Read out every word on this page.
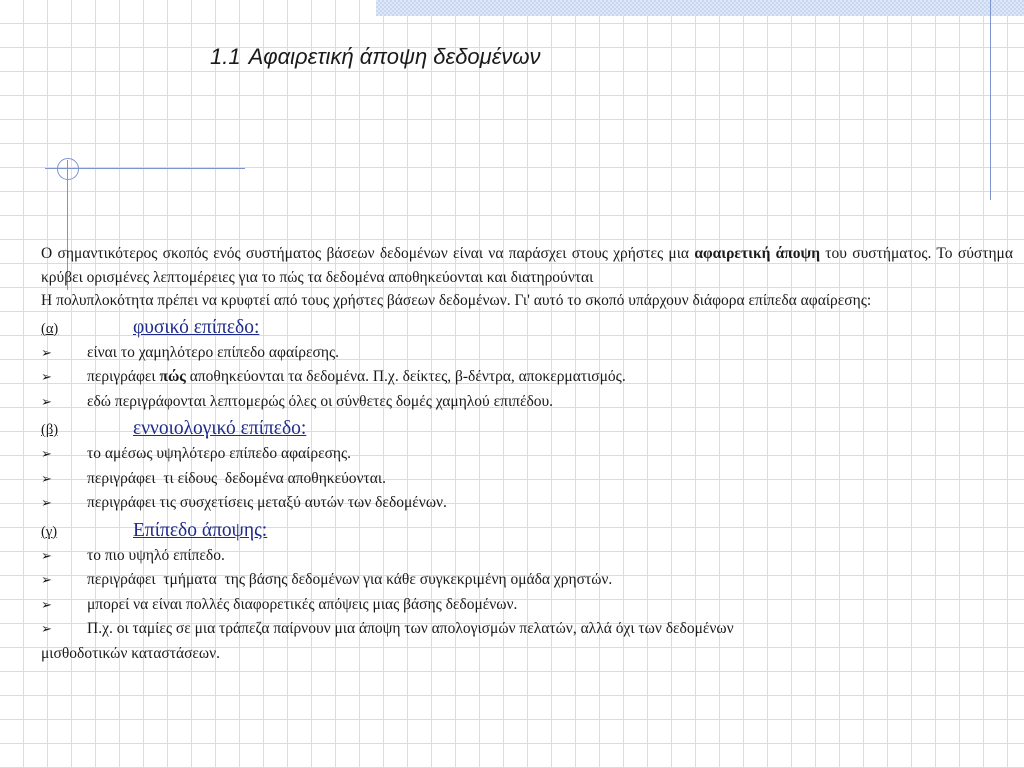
1.1 Αφαιρετική άποψη δεδομένων

Ο σημαντικότερος σκοπός ενός συστήματος βάσεων δεδομένων είναι να παράσχει στους χρήστες μια αφαιρετική άποψη του συστήματος. Το σύστημα κρύβει ορισμένες λεπτομέρειες για το πώς τα δεδομένα αποθηκεύονται και διατηρούνται

Η πολυπλοκότητα πρέπει να κρυφτεί από τους χρήστες βάσεων δεδομένων. Γι' αυτό το σκοπό υπάρχουν διάφορα επίπεδα αφαίρεσης:

(α)	φυσικό επίπεδο:
➢	είναι το χαμηλότερο επίπεδο αφαίρεσης.
➢	περιγράφει πώς αποθηκεύονται τα δεδομένα. Π.χ. δείκτες, β-δέντρα, αποκερματισμός.
➢	εδώ περιγράφονται λεπτομερώς όλες οι σύνθετες δομές χαμηλού επιπέδου.
(β)	εννοιολογικό επίπεδο:
➢	το αμέσως υψηλότερο επίπεδο αφαίρεσης.
➢	περιγράφει  τι είδους  δεδομένα αποθηκεύονται.
➢	περιγράφει τις συσχετίσεις μεταξύ αυτών των δεδομένων.
(γ)	Επίπεδο άποψης:
➢	το πιο υψηλό επίπεδο.
➢	περιγράφει  τμήματα  της βάσης δεδομένων για κάθε συγκεκριμένη ομάδα χρηστών.
➢	μπορεί να είναι πολλές διαφορετικές απόψεις μιας βάσης δεδομένων.
➢ Π.χ. οι ταμίες σε μια τράπεζα παίρνουν μια άποψη των απολογισμών πελατών, αλλά όχι των δεδομένων
μισθοδοτικών καταστάσεων.
